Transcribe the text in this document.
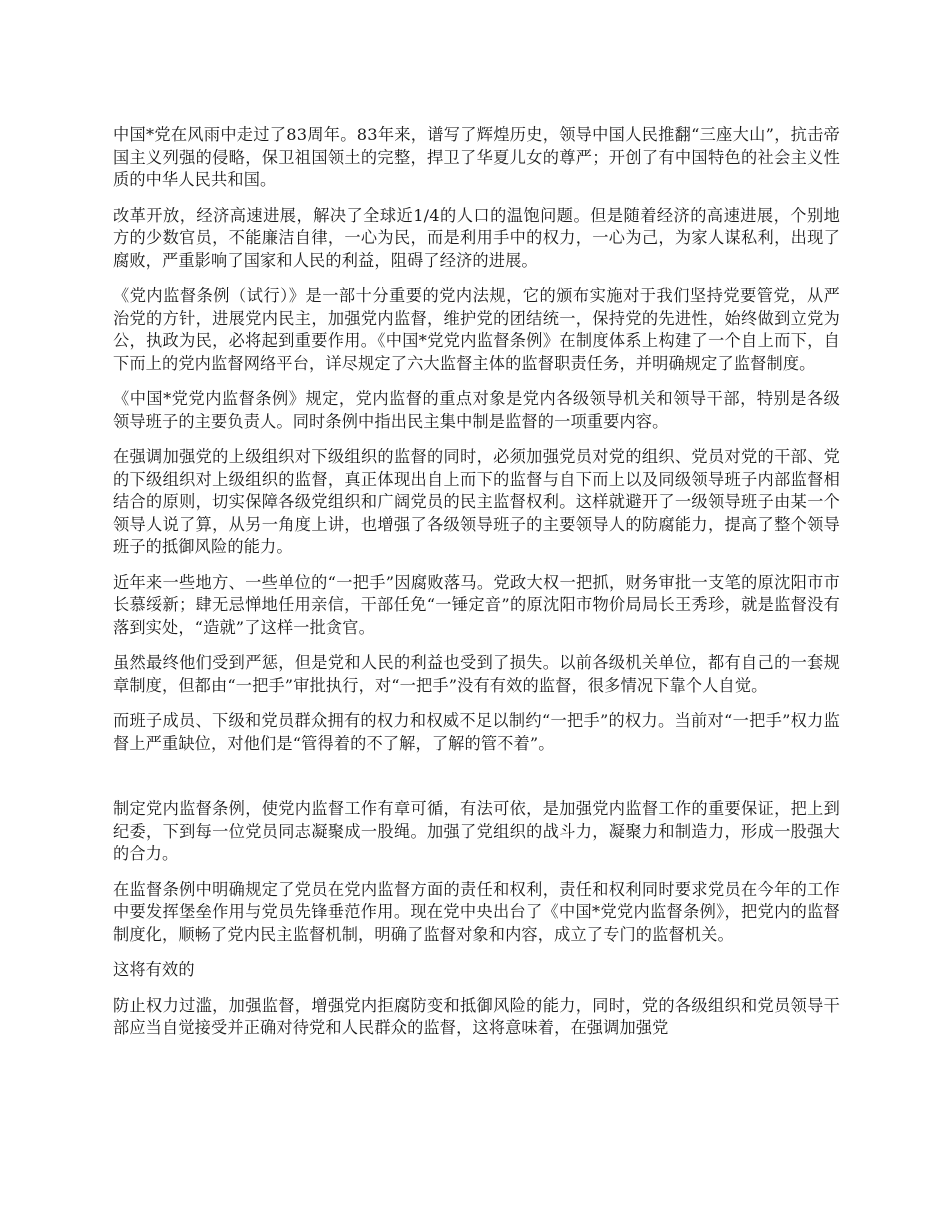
中国*党在风雨中走过了83周年。83年来，谱写了辉煌历史，领导中国人民推翻“三座大山”，抗击帝国主义列强的侵略，保卫祖国领土的完整，捍卫了华夏儿女的尊严；开创了有中国特色的社会主义性质的中华人民共和国。

改革开放，经济高速进展，解决了全球近1/4的人口的温饱问题。但是随着经济的高速进展，个别地方的少数官员，不能廉洁自律，一心为民，而是利用手中的权力，一心为己，为家人谋私利，出现了腐败，严重影响了国家和人民的利益，阻碍了经济的进展。

《党内监督条例（试行）》是一部十分重要的党内法规，它的颁布实施对于我们坚持党要管党，从严治党的方针，进展党内民主，加强党内监督，维护党的团结统一，保持党的先进性，始终做到立党为公，执政为民，必将起到重要作用。《中国*党党内监督条例》在制度体系上构建了一个自上而下，自下而上的党内监督网络平台，详尽规定了六大监督主体的监督职责任务，并明确规定了监督制度。

《中国*党党内监督条例》规定，党内监督的重点对象是党内各级领导机关和领导干部，特别是各级领导班子的主要负责人。同时条例中指出民主集中制是监督的一项重要内容。

在强调加强党的上级组织对下级组织的监督的同时，必须加强党员对党的组织、党员对党的干部、党的下级组织对上级组织的监督，真正体现出自上而下的监督与自下而上以及同级领导班子内部监督相结合的原则，切实保障各级党组织和广阔党员的民主监督权利。这样就避开了一级领导班子由某一个领导人说了算，从另一角度上讲，也增强了各级领导班子的主要领导人的防腐能力，提高了整个领导班子的抵御风险的能力。

近年来一些地方、一些单位的“一把手”因腐败落马。党政大权一把抓，财务审批一支笔的原沈阳市市长慕绥新；肆无忌惮地任用亲信，干部任免“一锤定音”的原沈阳市物价局局长王秀珍，就是监督没有落到实处，“造就”了这样一批贪官。

虽然最终他们受到严惩，但是党和人民的利益也受到了损失。以前各级机关单位，都有自己的一套规章制度，但都由“一把手”审批执行，对“一把手”没有有效的监督，很多情况下靠个人自觉。

而班子成员、下级和党员群众拥有的权力和权威不足以制约“一把手”的权力。当前对“一把手”权力监督上严重缺位，对他们是“管得着的不了解，了解的管不着”。

制定党内监督条例，使党内监督工作有章可循，有法可依，是加强党内监督工作的重要保证，把上到纪委，下到每一位党员同志凝聚成一股绳。加强了党组织的战斗力，凝聚力和制造力，形成一股强大的合力。

在监督条例中明确规定了党员在党内监督方面的责任和权利，责任和权利同时要求党员在今年的工作中要发挥堡垒作用与党员先锋垂范作用。现在党中央出台了《中国*党党内监督条例》，把党内的监督制度化，顺畅了党内民主监督机制，明确了监督对象和内容，成立了专门的监督机关。

这将有效的

防止权力过滥，加强监督，增强党内拒腐防变和抵御风险的能力，同时，党的各级组织和党员领导干部应当自觉接受并正确对待党和人民群众的监督，这将意味着，在强调加强党
